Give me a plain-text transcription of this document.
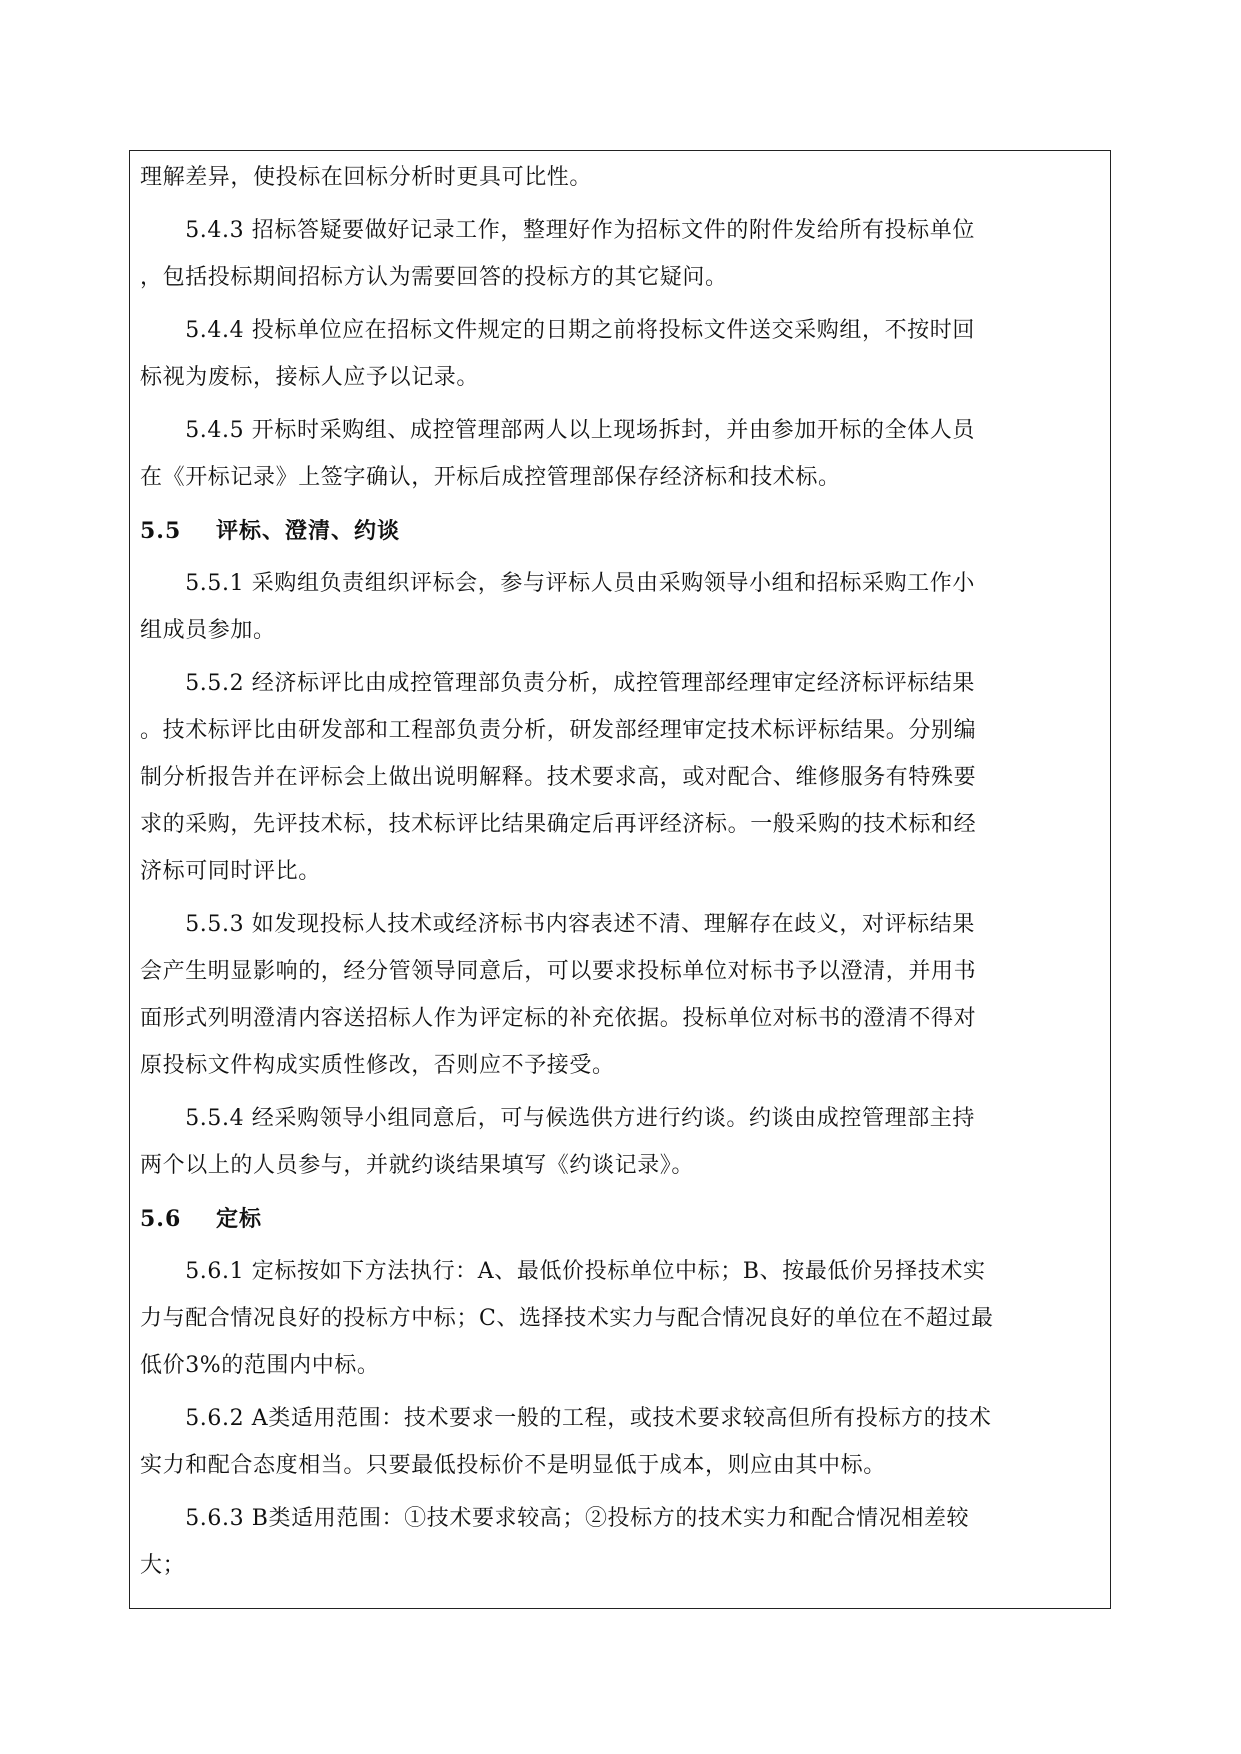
理解差异，使投标在回标分析时更具可比性。
　　5.4.3 招标答疑要做好记录工作，整理好作为招标文件的附件发给所有投标单位
，包括投标期间招标方认为需要回答的投标方的其它疑问。
　　5.4.4 投标单位应在招标文件规定的日期之前将投标文件送交采购组，不按时回
标视为废标，接标人应予以记录。
　　5.4.5 开标时采购组、成控管理部两人以上现场拆封，并由参加开标的全体人员
在《开标记录》上签字确认，开标后成控管理部保存经济标和技术标。
5.5 评标、澄清、约谈
　　5.5.1 采购组负责组织评标会，参与评标人员由采购领导小组和招标采购工作小
组成员参加。
　　5.5.2 经济标评比由成控管理部负责分析，成控管理部经理审定经济标评标结果
。技术标评比由研发部和工程部负责分析，研发部经理审定技术标评标结果。分别编
制分析报告并在评标会上做出说明解释。技术要求高，或对配合、维修服务有特殊要
求的采购，先评技术标，技术标评比结果确定后再评经济标。一般采购的技术标和经
济标可同时评比。
　　5.5.3 如发现投标人技术或经济标书内容表述不清、理解存在歧义，对评标结果
会产生明显影响的，经分管领导同意后，可以要求投标单位对标书予以澄清，并用书
面形式列明澄清内容送招标人作为评定标的补充依据。投标单位对标书的澄清不得对
原投标文件构成实质性修改，否则应不予接受。
　　5.5.4 经采购领导小组同意后，可与候选供方进行约谈。约谈由成控管理部主持
两个以上的人员参与，并就约谈结果填写《约谈记录》。
5.6 定标
　　5.6.1 定标按如下方法执行：A、最低价投标单位中标；B、按最低价另择技术实
力与配合情况良好的投标方中标；C、选择技术实力与配合情况良好的单位在不超过最
低价3%的范围内中标。
　　5.6.2 A类适用范围：技术要求一般的工程，或技术要求较高但所有投标方的技术
实力和配合态度相当。只要最低投标价不是明显低于成本，则应由其中标。
　　5.6.3 B类适用范围：①技术要求较高；②投标方的技术实力和配合情况相差较
大；
